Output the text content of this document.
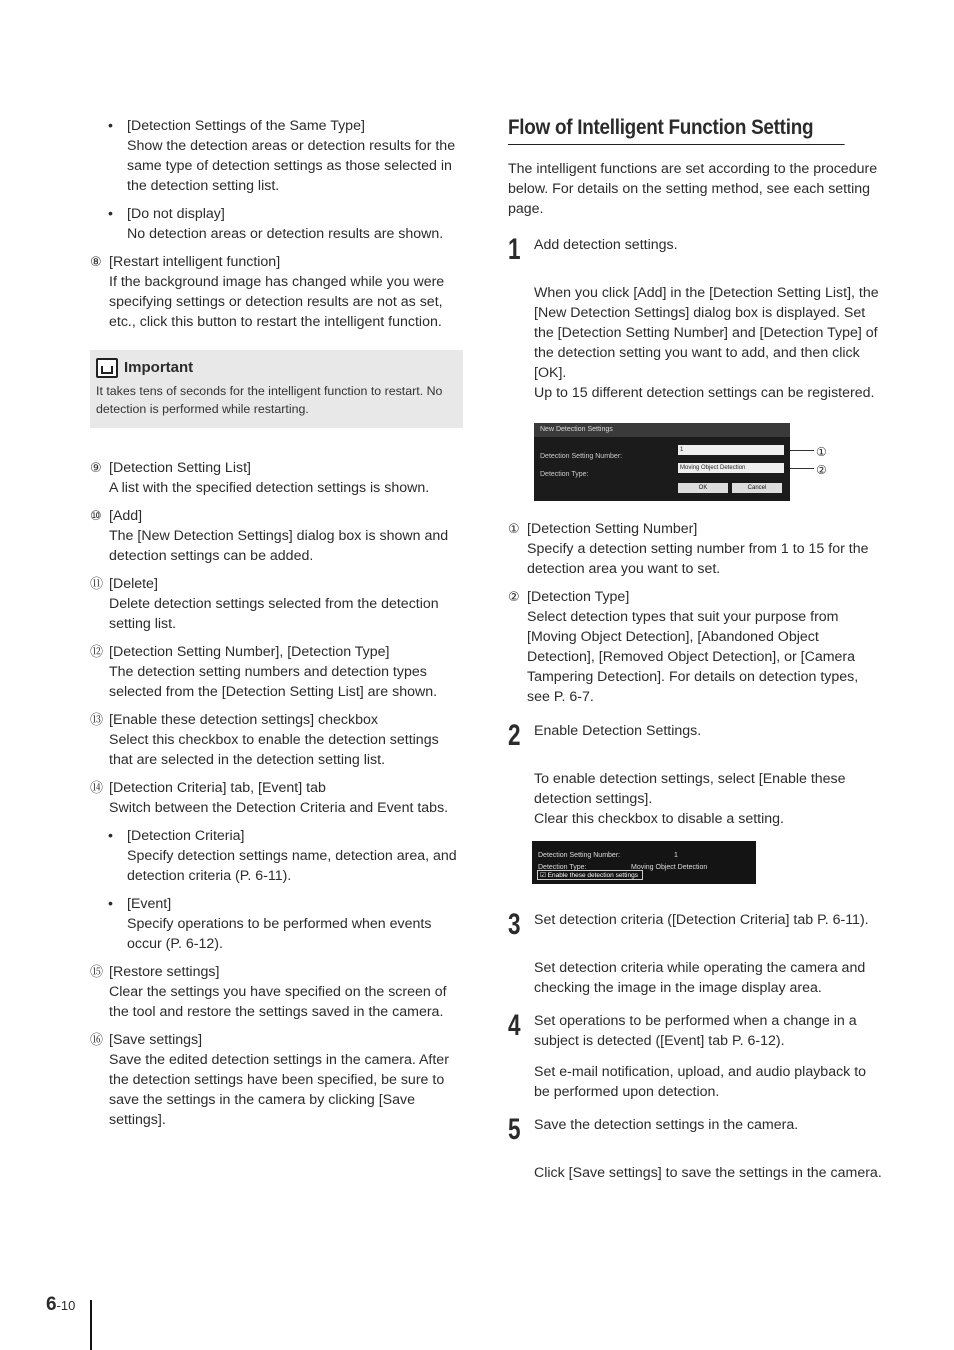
• [Detection Settings of the Same Type]
Show the detection areas or detection results for the same type of detection settings as those selected in the detection setting list.
• [Do not display]
No detection areas or detection results are shown.
⑧ [Restart intelligent function]
If the background image has changed while you were specifying settings or detection results are not as set, etc., click this button to restart the intelligent function.
Important
It takes tens of seconds for the intelligent function to restart. No detection is performed while restarting.
⑨ [Detection Setting List]
A list with the specified detection settings is shown.
⑩ [Add]
The [New Detection Settings] dialog box is shown and detection settings can be added.
⑪ [Delete]
Delete detection settings selected from the detection setting list.
⑫ [Detection Setting Number], [Detection Type]
The detection setting numbers and detection types selected from the [Detection Setting List] are shown.
⑬ [Enable these detection settings] checkbox
Select this checkbox to enable the detection settings that are selected in the detection setting list.
⑭ [Detection Criteria] tab, [Event] tab
Switch between the Detection Criteria and Event tabs.
• [Detection Criteria]
Specify detection settings name, detection area, and detection criteria (P. 6-11).
• [Event]
Specify operations to be performed when events occur (P. 6-12).
⑮ [Restore settings]
Clear the settings you have specified on the screen of the tool and restore the settings saved in the camera.
⑯ [Save settings]
Save the edited detection settings in the camera. After the detection settings have been specified, be sure to save the settings in the camera by clicking [Save settings].
Flow of Intelligent Function Setting
The intelligent functions are set according to the procedure below. For details on the setting method, see each setting page.
1 Add detection settings.
When you click [Add] in the [Detection Setting List], the [New Detection Settings] dialog box is displayed. Set the [Detection Setting Number] and [Detection Type] of the detection setting you want to add, and then click [OK].
Up to 15 different detection settings can be registered.
New Detection Settings
Detection Setting Number:
1
Detection Type:
Moving Object Detection
OK	Cancel
①
②
① [Detection Setting Number]
Specify a detection setting number from 1 to 15 for the detection area you want to set.
② [Detection Type]
Select detection types that suit your purpose from [Moving Object Detection], [Abandoned Object Detection], [Removed Object Detection], or [Camera Tampering Detection]. For details on detection types, see P. 6-7.
2 Enable Detection Settings.
To enable detection settings, select [Enable these detection settings].
Clear this checkbox to disable a setting.
Detection Setting Number:	1
Detection Type:	Moving Object Detection
☑ Enable these detection settings
3 Set detection criteria ([Detection Criteria] tab P. 6-11).
Set detection criteria while operating the camera and checking the image in the image display area.
4 Set operations to be performed when a change in a subject is detected ([Event] tab P. 6-12).
Set e-mail notification, upload, and audio playback to be performed upon detection.
5 Save the detection settings in the camera.
Click [Save settings] to save the settings in the camera.
6-10
